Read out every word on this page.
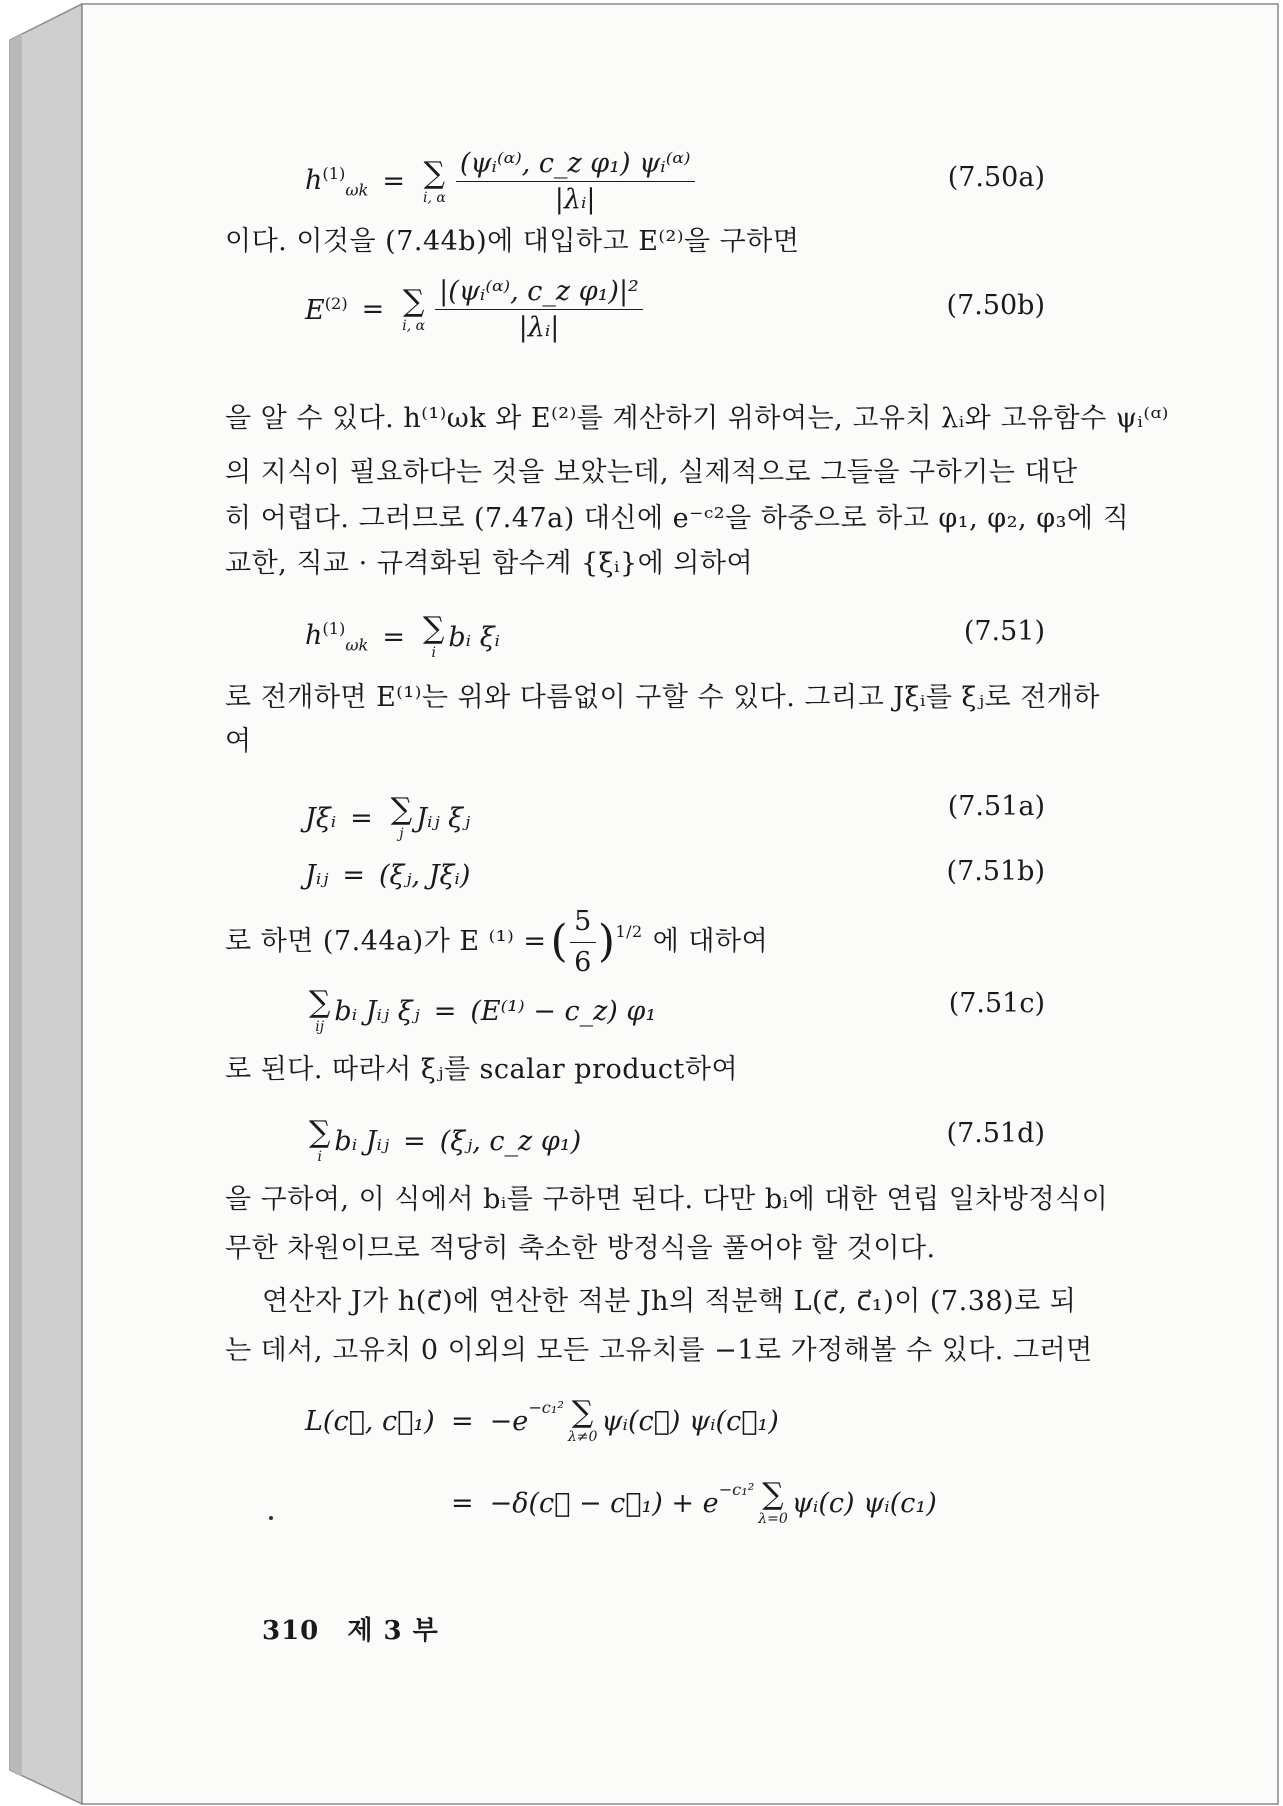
$h^{(1)}_{\omega k}$ = ∑
i, α $\frac{\text{(ψᵢ⁽ᵅ⁾, c\_z φ₁) ψᵢ⁽ᵅ⁾}}{\text{|λᵢ|}}$	(7.50a)
이다. 이것을 (7.44b)에 대입하고 E⁽²⁾을 구하면
$E^{(2)}$ = ∑
i, α $\frac{\text{|(ψᵢ⁽ᵅ⁾, c\_z φ₁)|²}}{\text{|λᵢ|}}$	(7.50b)
을 알 수 있다. h⁽¹⁾ωk 와 E⁽²⁾를 계산하기 위하여는, 고유치 λᵢ와 고유함수 ψᵢ⁽ᵅ⁾
의 지식이 필요하다는 것을 보았는데, 실제적으로 그들을 구하기는 대단
히 어렵다. 그러므로 (7.47a) 대신에 e⁻ᶜ²을 하중으로 하고 φ₁, φ₂, φ₃에 직
교한, 직교 · 규격화된 함수계 {ξᵢ}에 의하여
$h^{(1)}_{\omega k}$ = ∑
i
bᵢ ξᵢ	(7.51)
로 전개하면 E⁽¹⁾는 위와 다름없이 구할 수 있다. 그리고 Jξᵢ를 ξⱼ로 전개하
여
Jξᵢ = ∑
j
Jᵢⱼ ξⱼ	(7.51a)
Jᵢⱼ = (ξⱼ, Jξᵢ)	(7.51b)
로 하면 (7.44a)가 E ⁽¹⁾ = ( $\frac{5}{6}$ ) 1/2 에 대하여
∑
ij
bᵢ Jᵢⱼ ξⱼ = (E⁽¹⁾ − c_z) φ₁	(7.51c)
로 된다. 따라서 ξⱼ를 scalar product하여
∑
i
bᵢ Jᵢⱼ = (ξⱼ, c_z φ₁)	(7.51d)
을 구하여, 이 식에서 bᵢ를 구하면 된다. 다만 bᵢ에 대한 연립 일차방정식이
무한 차원이므로 적당히 축소한 방정식을 풀어야 할 것이다.
연산자 J가 h(c⃗)에 연산한 적분 Jh의 적분핵 L(c⃗, c⃗₁)이 (7.38)로 되
는 데서, 고유치 0 이외의 모든 고유치를 −1로 가정해볼 수 있다. 그러면
L(c⃗, c⃗₁) = $-e^{-c_1^2}$ ∑
λ≠0
ψᵢ(c⃗) ψᵢ(c⃗₁)
= −δ(c⃗ − c⃗₁) + $e^{-c_1^2}$ ∑
λ=0
ψᵢ(c) ψᵢ(c₁)
310 제 3 부
